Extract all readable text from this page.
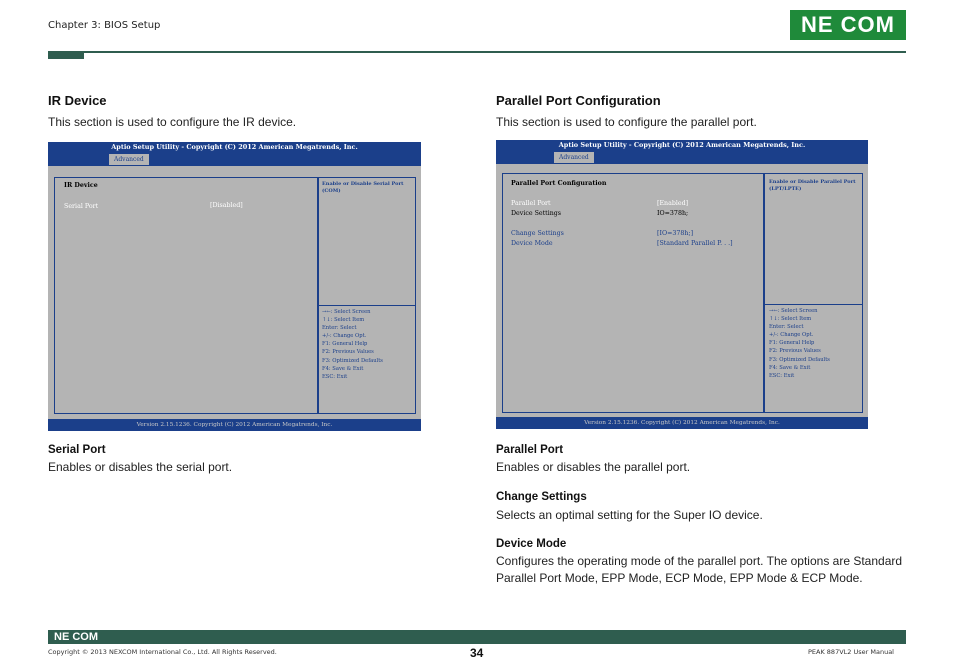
Chapter 3: BIOS Setup	NE COM
IR Device
This section is used to configure the IR device.
Aptio Setup Utility - Copyright (C) 2012 American Megatrends, Inc.
Advanced
IR Device
Serial Port	[Disabled]
Enable or Disable Serial Port
(COM)
→←: Select Screen
↑↓: Select Item
Enter: Select
+/-: Change Opt.
F1: General Help
F2: Previous Values
F3: Optimized Defaults
F4: Save & Exit
ESC: Exit
Version 2.15.1236. Copyright (C) 2012 American Megatrends, Inc.
Serial Port
Enables or disables the serial port.
Parallel Port Configuration
This section is used to configure the parallel port.
Aptio Setup Utility - Copyright (C) 2012 American Megatrends, Inc.
Advanced
Parallel Port Configuration
Parallel Port	[Enabled]
Device Settings	IO=378h;
Change Settings	[IO=378h;]
Device Mode	[Standard Parallel P. . .]
Enable or Disable Parallel Port
(LPT/LPTE)
→←: Select Screen
↑↓: Select Item
Enter: Select
+/-: Change Opt.
F1: General Help
F2: Previous Values
F3: Optimized Defaults
F4: Save & Exit
ESC: Exit
Version 2.15.1236. Copyright (C) 2012 American Megatrends, Inc.
Parallel Port
Enables or disables the parallel port.
Change Settings
Selects an optimal setting for the Super IO device.
Device Mode
Configures the operating mode of the parallel port. The options are Standard
Parallel Port Mode, EPP Mode, ECP Mode, EPP Mode & ECP Mode.
NE COM
Copyright © 2013 NEXCOM International Co., Ltd. All Rights Reserved.	34	PEAK 887VL2 User Manual
